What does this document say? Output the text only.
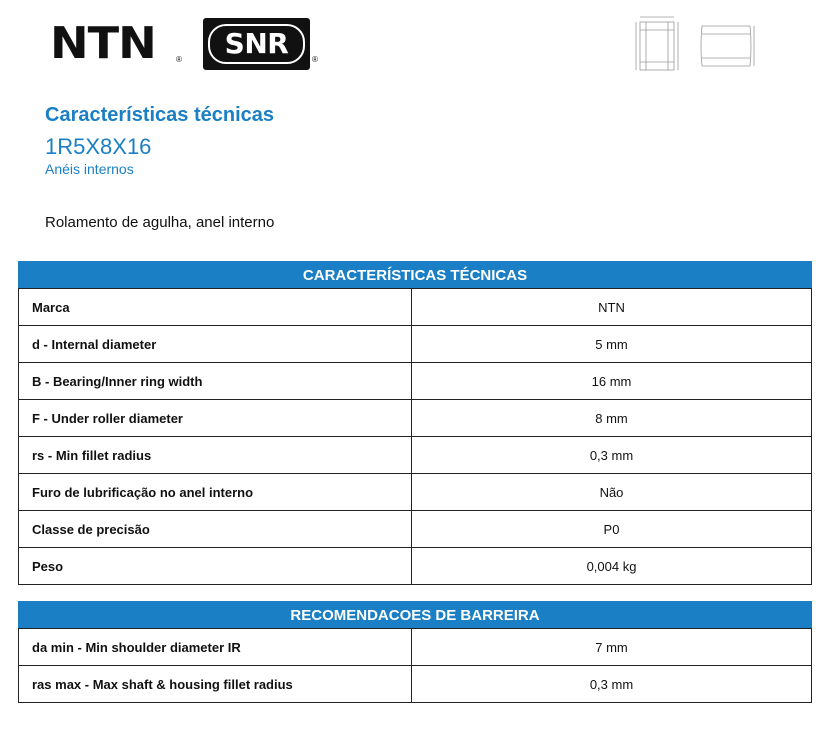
NTN	®	SNR	®
Características técnicas
1R5X8X16
Anéis internos
Rolamento de agulha, anel interno
CARACTERÍSTICAS TÉCNICAS
Marca	NTN
d - Internal diameter	5 mm
B - Bearing/Inner ring width	16 mm
F - Under roller diameter	8 mm
rs - Min fillet radius	0,3 mm
Furo de lubrificação no anel interno	Não
Classe de precisão	P0
Peso	0,004 kg
RECOMENDACOES DE BARREIRA
da min - Min shoulder diameter IR	7 mm
ras max - Max shaft & housing fillet radius	0,3 mm
